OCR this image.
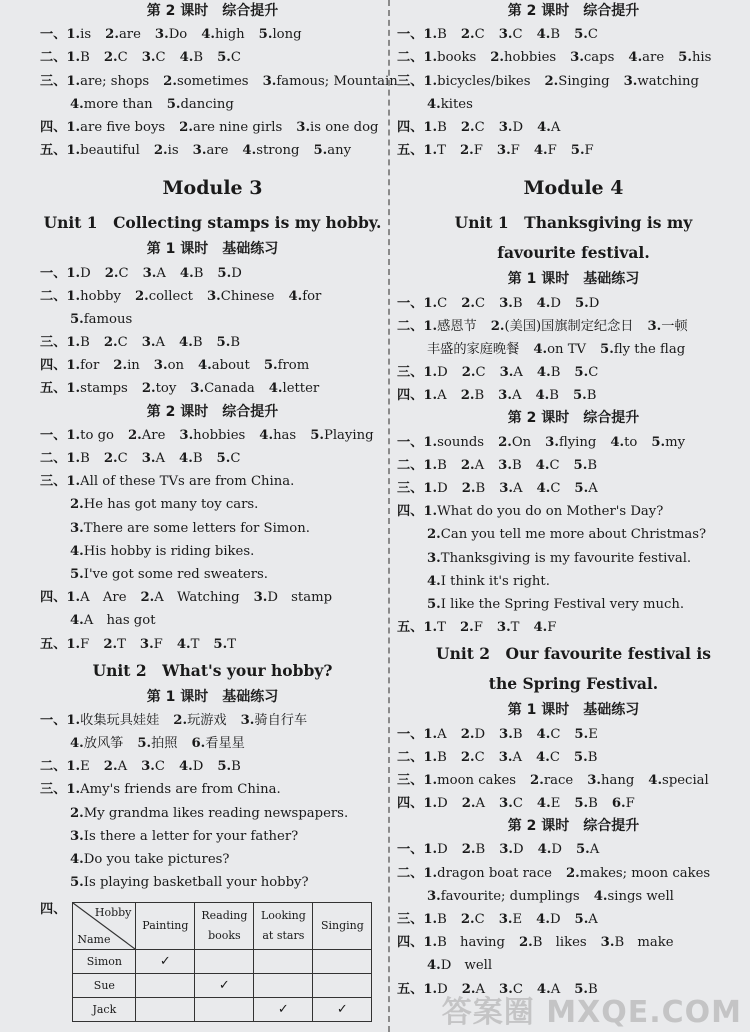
第 2 课时　综合提升
一、1.is 2.are 3.Do 4.high 5.long
二、1.B 2.C 3.C 4.B 5.C
三、1.are; shops 2.sometimes 3.famous; Mountain
4.more than 5.dancing
四、1.are five boys 2.are nine girls 3.is one dog
五、1.beautiful 2.is 3.are 4.strong 5.any
Module 3
Unit 1　Collecting stamps is my hobby.
第 1 课时　基础练习
一、1.D 2.C 3.A 4.B 5.D
二、1.hobby 2.collect 3.Chinese 4.for
5.famous
三、1.B 2.C 3.A 4.B 5.B
四、1.for 2.in 3.on 4.about 5.from
五、1.stamps 2.toy 3.Canada 4.letter
第 2 课时　综合提升
一、1.to go 2.Are 3.hobbies 4.has 5.Playing
二、1.B 2.C 3.A 4.B 5.C
三、1.All of these TVs are from China.
2.He has got many toy cars.
3.There are some letters for Simon.
4.His hobby is riding bikes.
5.I've got some red sweaters.
四、1.A　Are 2.A　Watching 3.D　stamp
4.A　has got
五、1.F 2.T 3.F 4.T 5.T
Unit 2　What's your hobby?
第 1 课时　基础练习
一、1.收集玩具娃娃 2.玩游戏 3.骑自行车
4.放风筝 5.拍照 6.看星星
二、1.E 2.A 3.C 4.D 5.B
三、1.Amy's friends are from China.
2.My grandma likes reading newspapers.
3.Is there a letter for your father?
4.Do you take pictures?
5.Is playing basketball your hobby?
四、	Hobby
Name	Painting	Reading books	Looking at stars	Singing
Simon	✓			
Sue		✓		
Jack			✓	✓
第 2 课时　综合提升
一、1.B 2.C 3.C 4.B 5.C
二、1.books 2.hobbies 3.caps 4.are 5.his
三、1.bicycles/bikes 2.Singing 3.watching
4.kites
四、1.B 2.C 3.D 4.A
五、1.T 2.F 3.F 4.F 5.F
Module 4
Unit 1　Thanksgiving is my
favourite festival.
第 1 课时　基础练习
一、1.C 2.C 3.B 4.D 5.D
二、1.感恩节 2.(美国)国旗制定纪念日 3.一顿
丰盛的家庭晚餐 4.on TV 5.fly the flag
三、1.D 2.C 3.A 4.B 5.C
四、1.A 2.B 3.A 4.B 5.B
第 2 课时　综合提升
一、1.sounds 2.On 3.flying 4.to 5.my
二、1.B 2.A 3.B 4.C 5.B
三、1.D 2.B 3.A 4.C 5.A
四、1.What do you do on Mother's Day?
2.Can you tell me more about Christmas?
3.Thanksgiving is my favourite festival.
4.I think it's right.
5.I like the Spring Festival very much.
五、1.T 2.F 3.T 4.F
Unit 2　Our favourite festival is
the Spring Festival.
第 1 课时　基础练习
一、1.A 2.D 3.B 4.C 5.E
二、1.B 2.C 3.A 4.C 5.B
三、1.moon cakes 2.race 3.hang 4.special
四、1.D 2.A 3.C 4.E 5.B 6.F
第 2 课时　综合提升
一、1.D 2.B 3.D 4.D 5.A
二、1.dragon boat race 2.makes; moon cakes
3.favourite; dumplings 4.sings well
三、1.B 2.C 3.E 4.D 5.A
四、1.B　having 2.B　likes 3.B　make
4.D　well
五、1.D 2.A 3.C 4.A 5.B
答案圈 MXQE.COM
